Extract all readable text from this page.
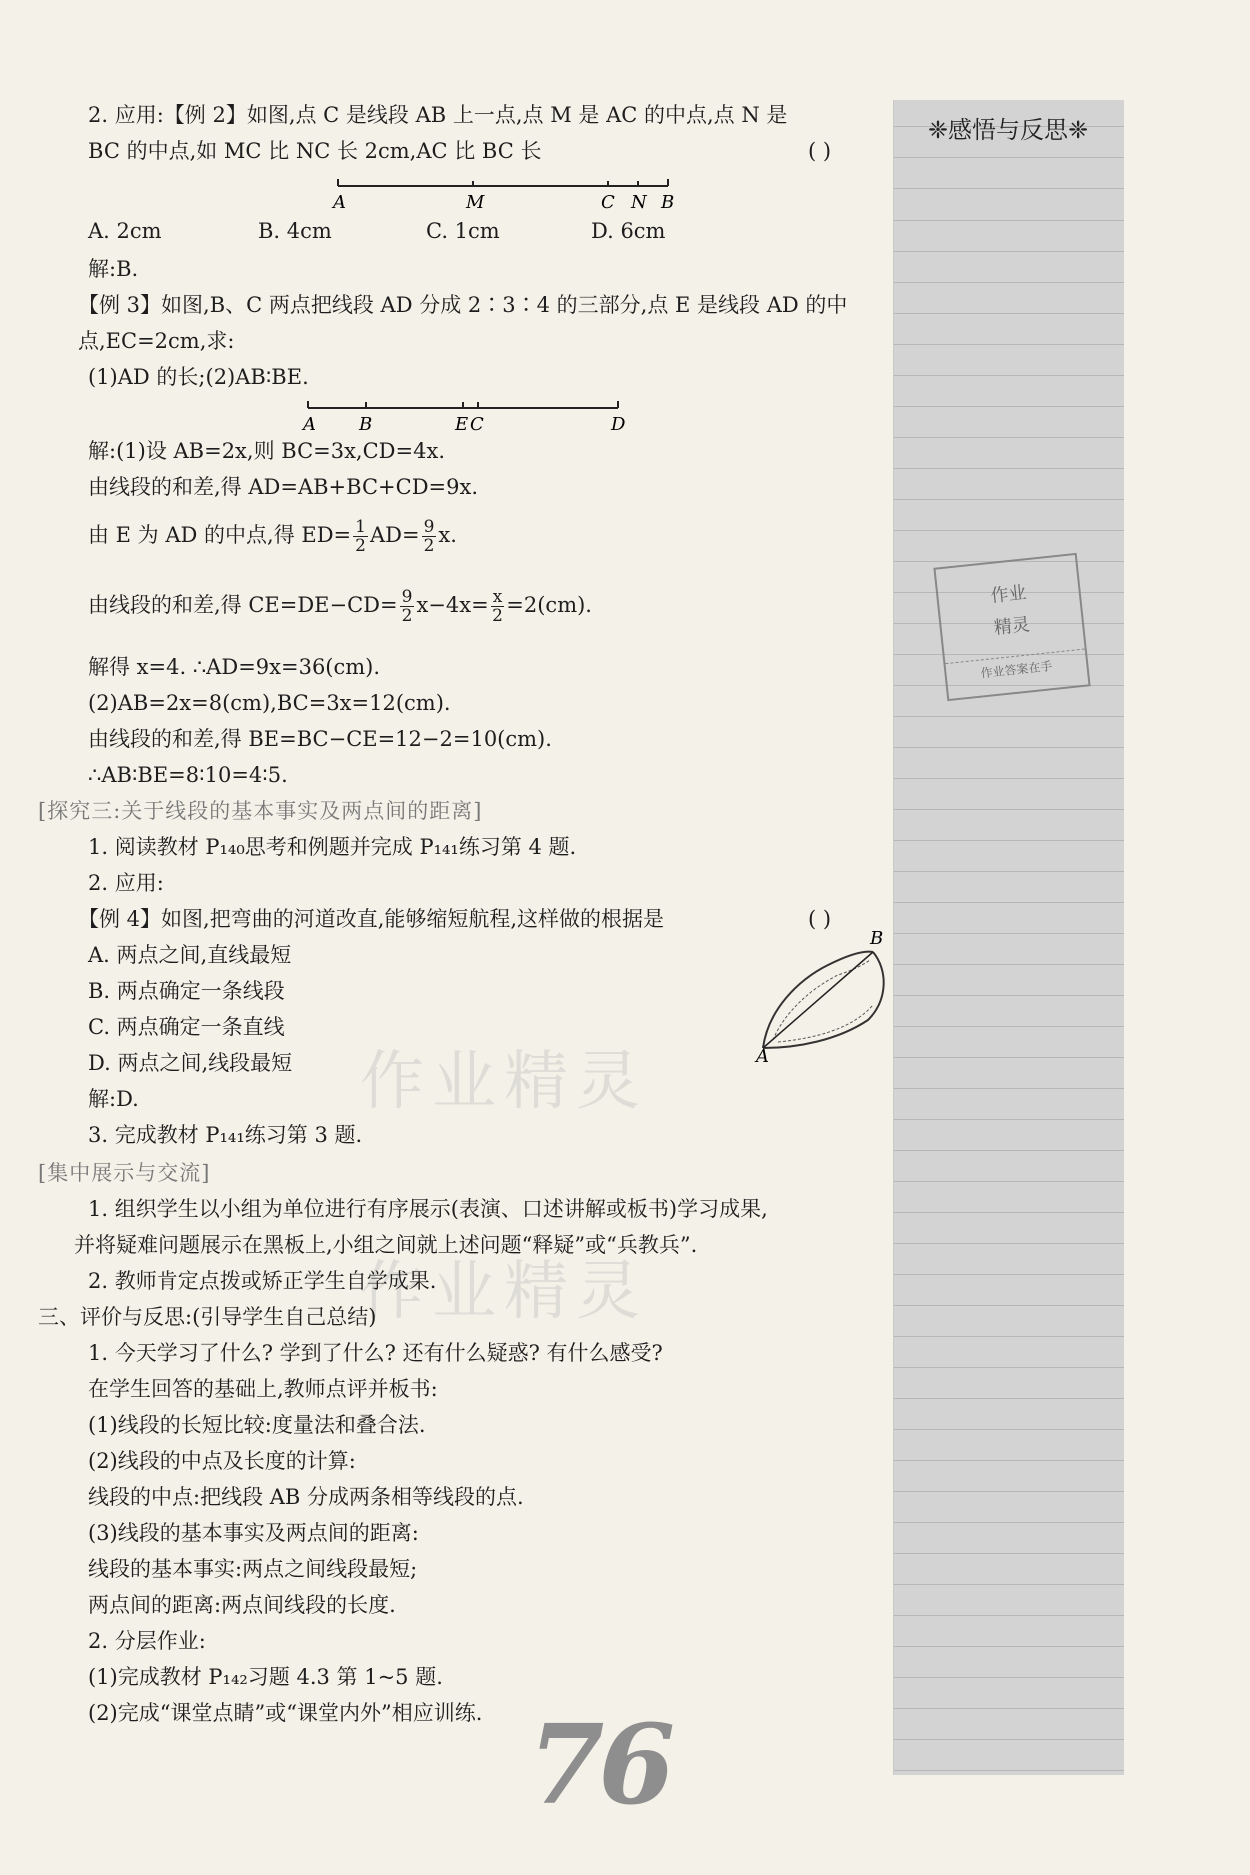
❈感悟与反思❈
作业
精灵
作业答案在手
作业精灵
作业精灵
2. 应用:【例 2】如图,点 C 是线段 AB 上一点,点 M 是 AC 的中点,点 N 是
BC 的中点,如 MC 比 NC 长 2cm,AC 比 BC 长	( )
A	M	C N B
A. 2cm	B. 4cm	C. 1cm	D. 6cm
解:B.
【例 3】如图,B、C 两点把线段 AD 分成 2∶3∶4 的三部分,点 E 是线段 AD 的中
点,EC=2cm,求:
(1)AD 的长;(2)AB∶BE.
A B	E C	D
解:(1)设 AB=2x,则 BC=3x,CD=4x.
由线段的和差,得 AD=AB+BC+CD=9x.
由 E 为 AD 的中点,得 $ED= \frac{1}{2} AD= \frac{9}{2} x$.
由线段的和差,得 $CE=DE-CD= \frac{9}{2} x-4x= \frac{x}{2} =2(cm)$.
解得 x=4. ∴AD=9x=36(cm).
(2)AB=2x=8(cm),BC=3x=12(cm).
由线段的和差,得 BE=BC−CE=12−2=10(cm).
∴AB∶BE=8∶10=4∶5.
[探究三:关于线段的基本事实及两点间的距离]
1. 阅读教材 P₁₄₀思考和例题并完成 P₁₄₁练习第 4 题.
2. 应用:
【例 4】如图,把弯曲的河道改直,能够缩短航程,这样做的根据是	( )
A. 两点之间,直线最短
B. 两点确定一条线段
C. 两点确定一条直线
D. 两点之间,线段最短
解:D.
3. 完成教材 P₁₄₁练习第 3 题.
A
B
[集中展示与交流]
1. 组织学生以小组为单位进行有序展示(表演、口述讲解或板书)学习成果,
并将疑难问题展示在黑板上,小组之间就上述问题“释疑”或“兵教兵”.
2. 教师肯定点拨或矫正学生自学成果.
三、评价与反思:(引导学生自己总结)
1. 今天学习了什么? 学到了什么? 还有什么疑惑? 有什么感受?
在学生回答的基础上,教师点评并板书:
(1)线段的长短比较:度量法和叠合法.
(2)线段的中点及长度的计算:
线段的中点:把线段 AB 分成两条相等线段的点.
(3)线段的基本事实及两点间的距离:
线段的基本事实:两点之间线段最短;
两点间的距离:两点间线段的长度.
2. 分层作业:
(1)完成教材 P₁₄₂习题 4.3 第 1~5 题.
(2)完成“课堂点睛”或“课堂内外”相应训练. 76
